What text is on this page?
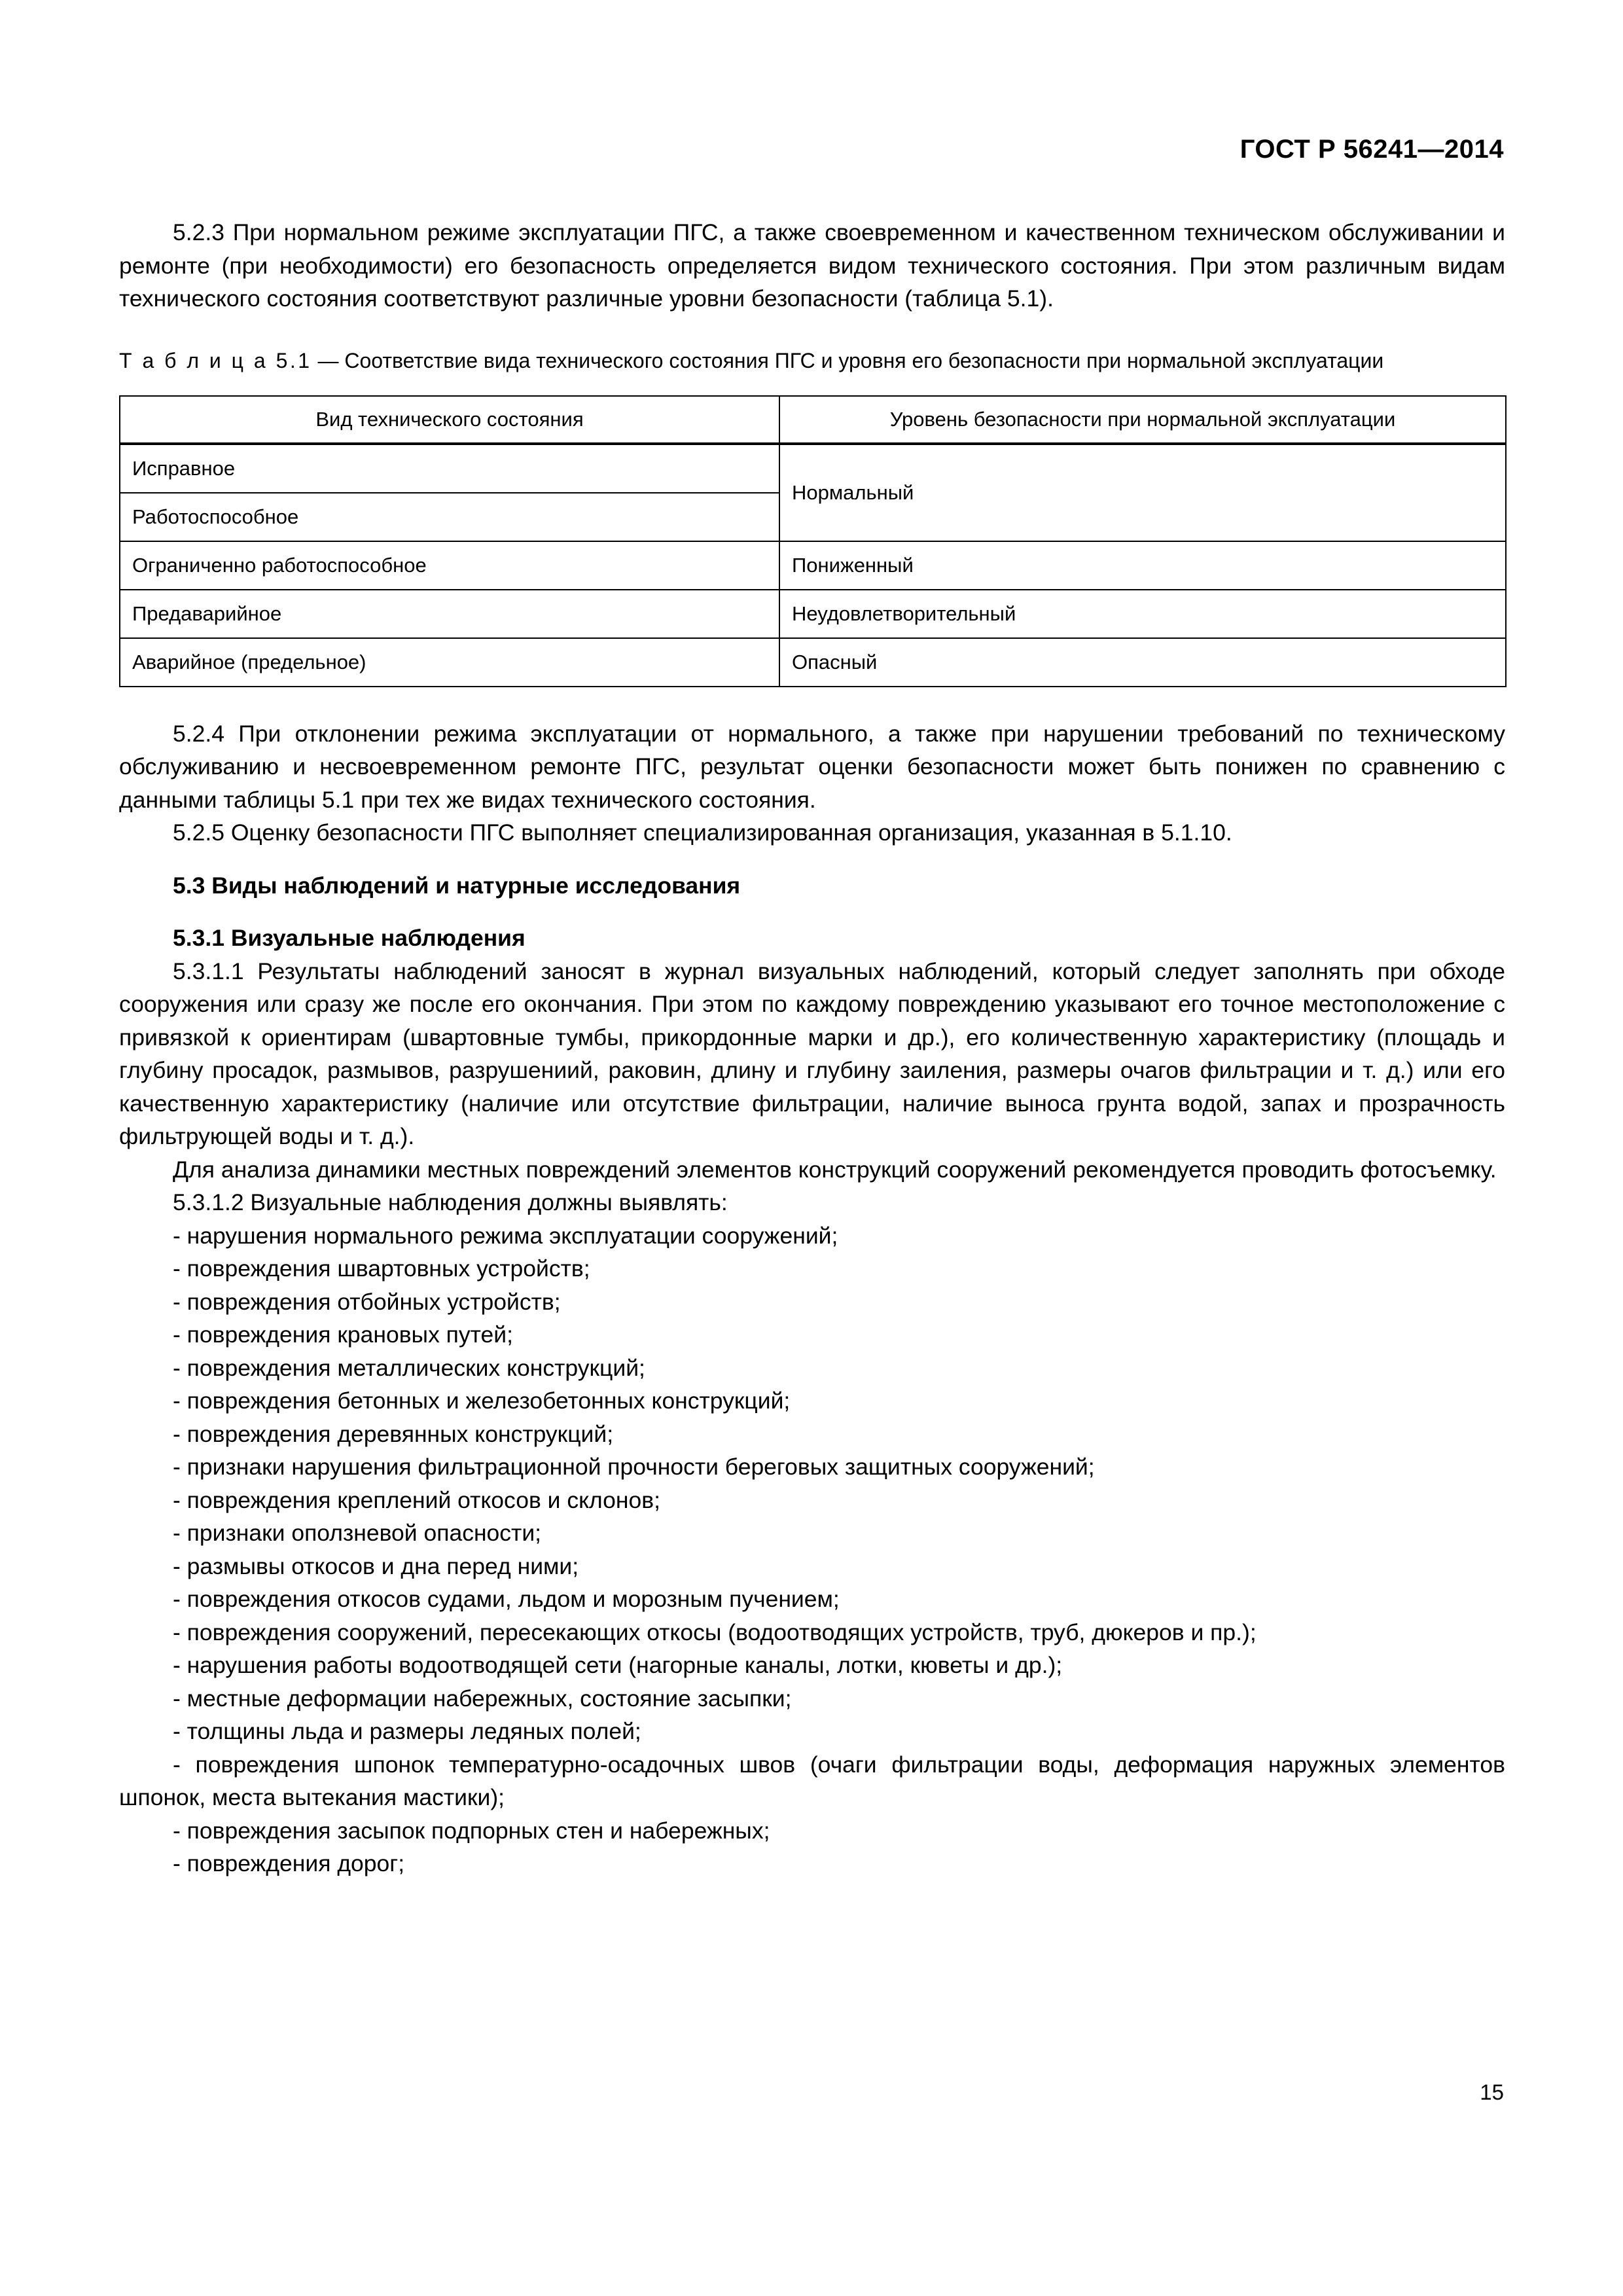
ГОСТ Р 56241—2014

5.2.3 При нормальном режиме эксплуатации ПГС, а также своевременном и качественном техническом обслуживании и ремонте (при необходимости) его безопасность определяется видом технического состояния. При этом различным видам технического состояния соответствуют различные уровни безопасности (таблица 5.1).

Т а б л и ц а 5.1 — Соответствие вида технического состояния ПГС и уровня его безопасности при нормальной эксплуатации

Вид технического состояния	Уровень безопасности при нормальной эксплуатации
Исправное	Нормальный
Работоспособное	
Ограниченно работоспособное	Пониженный
Предаварийное	Неудовлетворительный
Аварийное (предельное)	Опасный

5.2.4 При отклонении режима эксплуатации от нормального, а также при нарушении требований по техническому обслуживанию и несвоевременном ремонте ПГС, результат оценки безопасности может быть понижен по сравнению с данными таблицы 5.1 при тех же видах технического состояния.

5.2.5 Оценку безопасности ПГС выполняет специализированная организация, указанная в 5.1.10.

5.3 Виды наблюдений и натурные исследования

5.3.1 Визуальные наблюдения

5.3.1.1 Результаты наблюдений заносят в журнал визуальных наблюдений, который следует заполнять при обходе сооружения или сразу же после его окончания. При этом по каждому повреждению указывают его точное местоположение с привязкой к ориентирам (швартовные тумбы, прикордонные марки и др.), его количественную характеристику (площадь и глубину просадок, размывов, разрушениий, раковин, длину и глубину заиления, размеры очагов фильтрации и т. д.) или его качественную характеристику (наличие или отсутствие фильтрации, наличие выноса грунта водой, запах и прозрачность фильтрующей воды и т. д.).

Для анализа динамики местных повреждений элементов конструкций сооружений рекомендуется проводить фотосъемку.

5.3.1.2 Визуальные наблюдения должны выявлять:

- нарушения нормального режима эксплуатации сооружений;

- повреждения швартовных устройств;

- повреждения отбойных устройств;

- повреждения крановых путей;

- повреждения металлических конструкций;

- повреждения бетонных и железобетонных конструкций;

- повреждения деревянных конструкций;

- признаки нарушения фильтрационной прочности береговых защитных сооружений;

- повреждения креплений откосов и склонов;

- признаки оползневой опасности;

- размывы откосов и дна перед ними;

- повреждения откосов судами, льдом и морозным пучением;

- повреждения сооружений, пересекающих откосы (водоотводящих устройств, труб, дюкеров и пр.);

- нарушения работы водоотводящей сети (нагорные каналы, лотки, кюветы и др.);

- местные деформации набережных, состояние засыпки;

- толщины льда и размеры ледяных полей;

- повреждения шпонок температурно-осадочных швов (очаги фильтрации воды, деформация наружных элементов шпонок, места вытекания мастики);

- повреждения засыпок подпорных стен и набережных;

- повреждения дорог;

15
